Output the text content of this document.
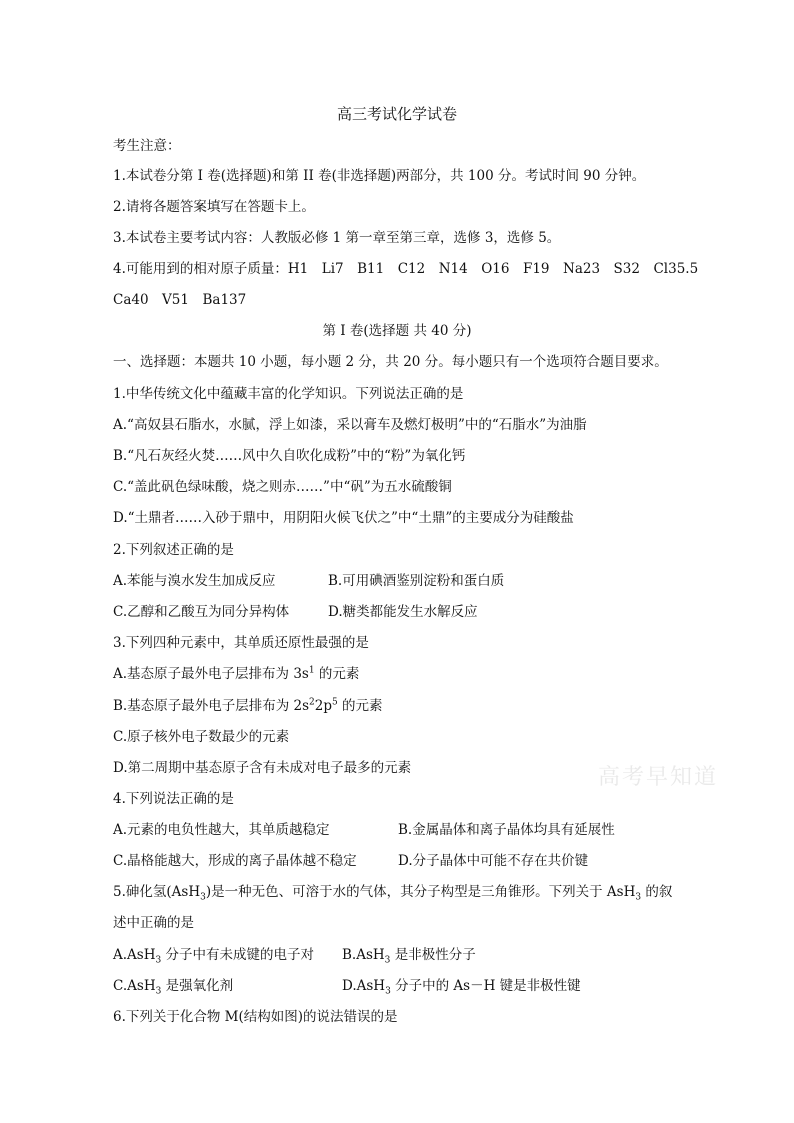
高三考试化学试卷
考生注意：
1.本试卷分第 I 卷(选择题)和第 II 卷(非选择题)两部分，共 100 分。考试时间 90 分钟。
2.请将各题答案填写在答题卡上。
3.本试卷主要考试内容：人教版必修 1 第一章至第三章，选修 3，选修 5。
4.可能用到的相对原子质量：H1　Li7　B11　C12　N14　O16　F19　Na23　S32　Cl35.5
Ca40　V51　Ba137
第 I 卷(选择题 共 40 分)
一、选择题：本题共 10 小题，每小题 2 分，共 20 分。每小题只有一个选项符合题目要求。
1.中华传统文化中蕴藏丰富的化学知识。下列说法正确的是
A.“高奴县石脂水，水腻，浮上如漆，采以膏车及燃灯极明”中的“石脂水”为油脂
B.“凡石灰经火焚……风中久自吹化成粉”中的“粉”为氧化钙
C.“盖此矾色绿味酸，烧之则赤……”中“矾”为五水硫酸铜
D.“土鼎者……入砂于鼎中，用阴阳火候飞伏之”中“土鼎”的主要成分为硅酸盐
2.下列叙述正确的是
A.苯能与溴水发生加成反应	B.可用碘酒鉴别淀粉和蛋白质
C.乙醇和乙酸互为同分异构体	D.糖类都能发生水解反应
3.下列四种元素中，其单质还原性最强的是
A.基态原子最外电子层排布为 $3s^1$ 的元素
B.基态原子最外电子层排布为 $2s^22p^5$ 的元素
C.原子核外电子数最少的元素
D.第二周期中基态原子含有未成对电子最多的元素
4.下列说法正确的是
A.元素的电负性越大，其单质越稳定	B.金属晶体和离子晶体均具有延展性
C.晶格能越大，形成的离子晶体越不稳定	D.分子晶体中可能不存在共价键
5.砷化氢(AsH$_3$)是一种无色、可溶于水的气体，其分子构型是三角锥形。下列关于 AsH$_3$ 的叙
述中正确的是
A.AsH$_3$ 分子中有未成键的电子对 B.AsH$_3$ 是非极性分子
C.AsH$_3$ 是强氧化剂	D.AsH$_3$ 分子中的 As－H 键是非极性键
6.下列关于化合物 M(结构如图)的说法错误的是
高考早知道
